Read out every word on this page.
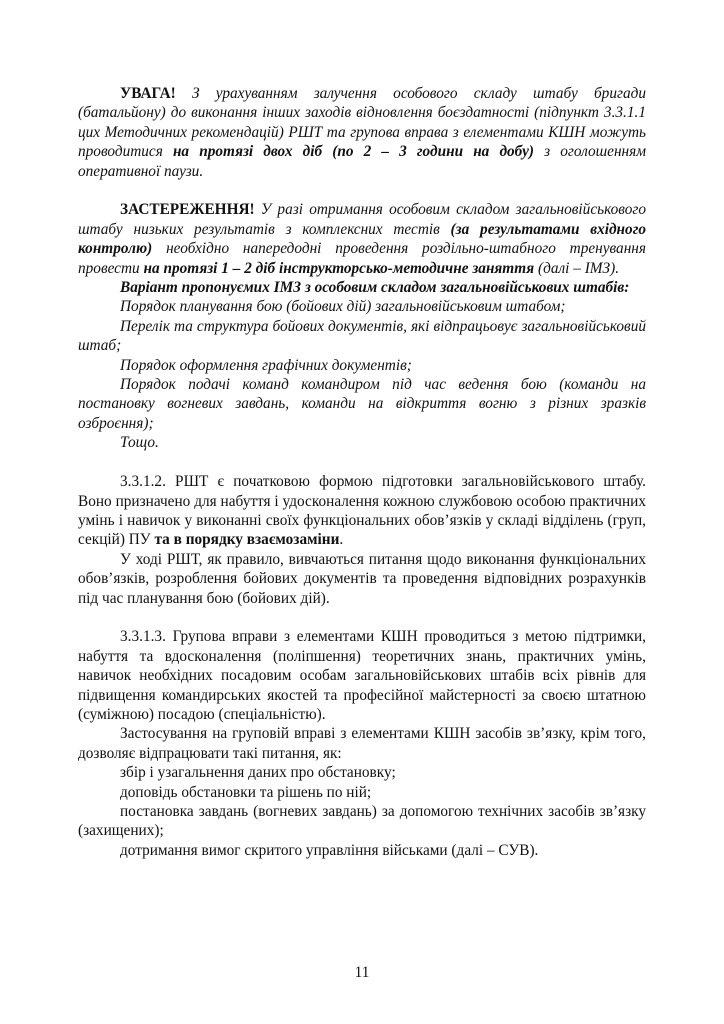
УВАГА! З урахуванням залучення особового складу штабу бригади (батальйону) до виконання інших заходів відновлення боєздатності (підпункт 3.3.1.1 цих Методичних рекомендацій) РШТ та групова вправа з елементами КШН можуть проводитися на протязі двох діб (по 2 – 3 години на добу) з оголошенням оперативної паузи.

ЗАСТЕРЕЖЕННЯ! У разі отримання особовим складом загальновійськового штабу низьких результатів з комплексних тестів (за результатами вхідного контролю) необхідно напередодні проведення роздільно-штабного тренування провести на протязі 1 – 2 діб інструкторсько-методичне заняття (далі – ІМЗ).

Варіант пропонуємих ІМЗ з особовим складом загальновійськових штабів:

Порядок планування бою (бойових дій) загальновійськовим штабом;

Перелік та структура бойових документів, які відпрацьовує загальновійськовий штаб;

Порядок оформлення графічних документів;

Порядок подачі команд командиром під час ведення бою (команди на постановку вогневих завдань, команди на відкриття вогню з різних зразків озброєння);

Тощо.

3.3.1.2. РШТ є початковою формою підготовки загальновійськового штабу. Воно призначено для набуття і удосконалення кожною службовою особою практичних умінь і навичок у виконанні своїх функціональних обов’язків у складі відділень (груп, секцій) ПУ та в порядку взаємозаміни.

У ході РШТ, як правило, вивчаються питання щодо виконання функціональних обов’язків, розроблення бойових документів та проведення відповідних розрахунків під час планування бою (бойових дій).

3.3.1.3. Групова вправи з елементами КШН проводиться з метою підтримки, набуття та вдосконалення (поліпшення) теоретичних знань, практичних умінь, навичок необхідних посадовим особам загальновійськових штабів всіх рівнів для підвищення командирських якостей та професійної майстерності за своєю штатною (суміжною) посадою (спеціальністю).

Застосування на груповій вправі з елементами КШН засобів зв’язку, крім того, дозволяє відпрацювати такі питання, як:

збір і узагальнення даних про обстановку;

доповідь обстановки та рішень по ній;

постановка завдань (вогневих завдань) за допомогою технічних засобів зв’язку (захищених);

дотримання вимог скритого управління військами (далі – СУВ).

11
